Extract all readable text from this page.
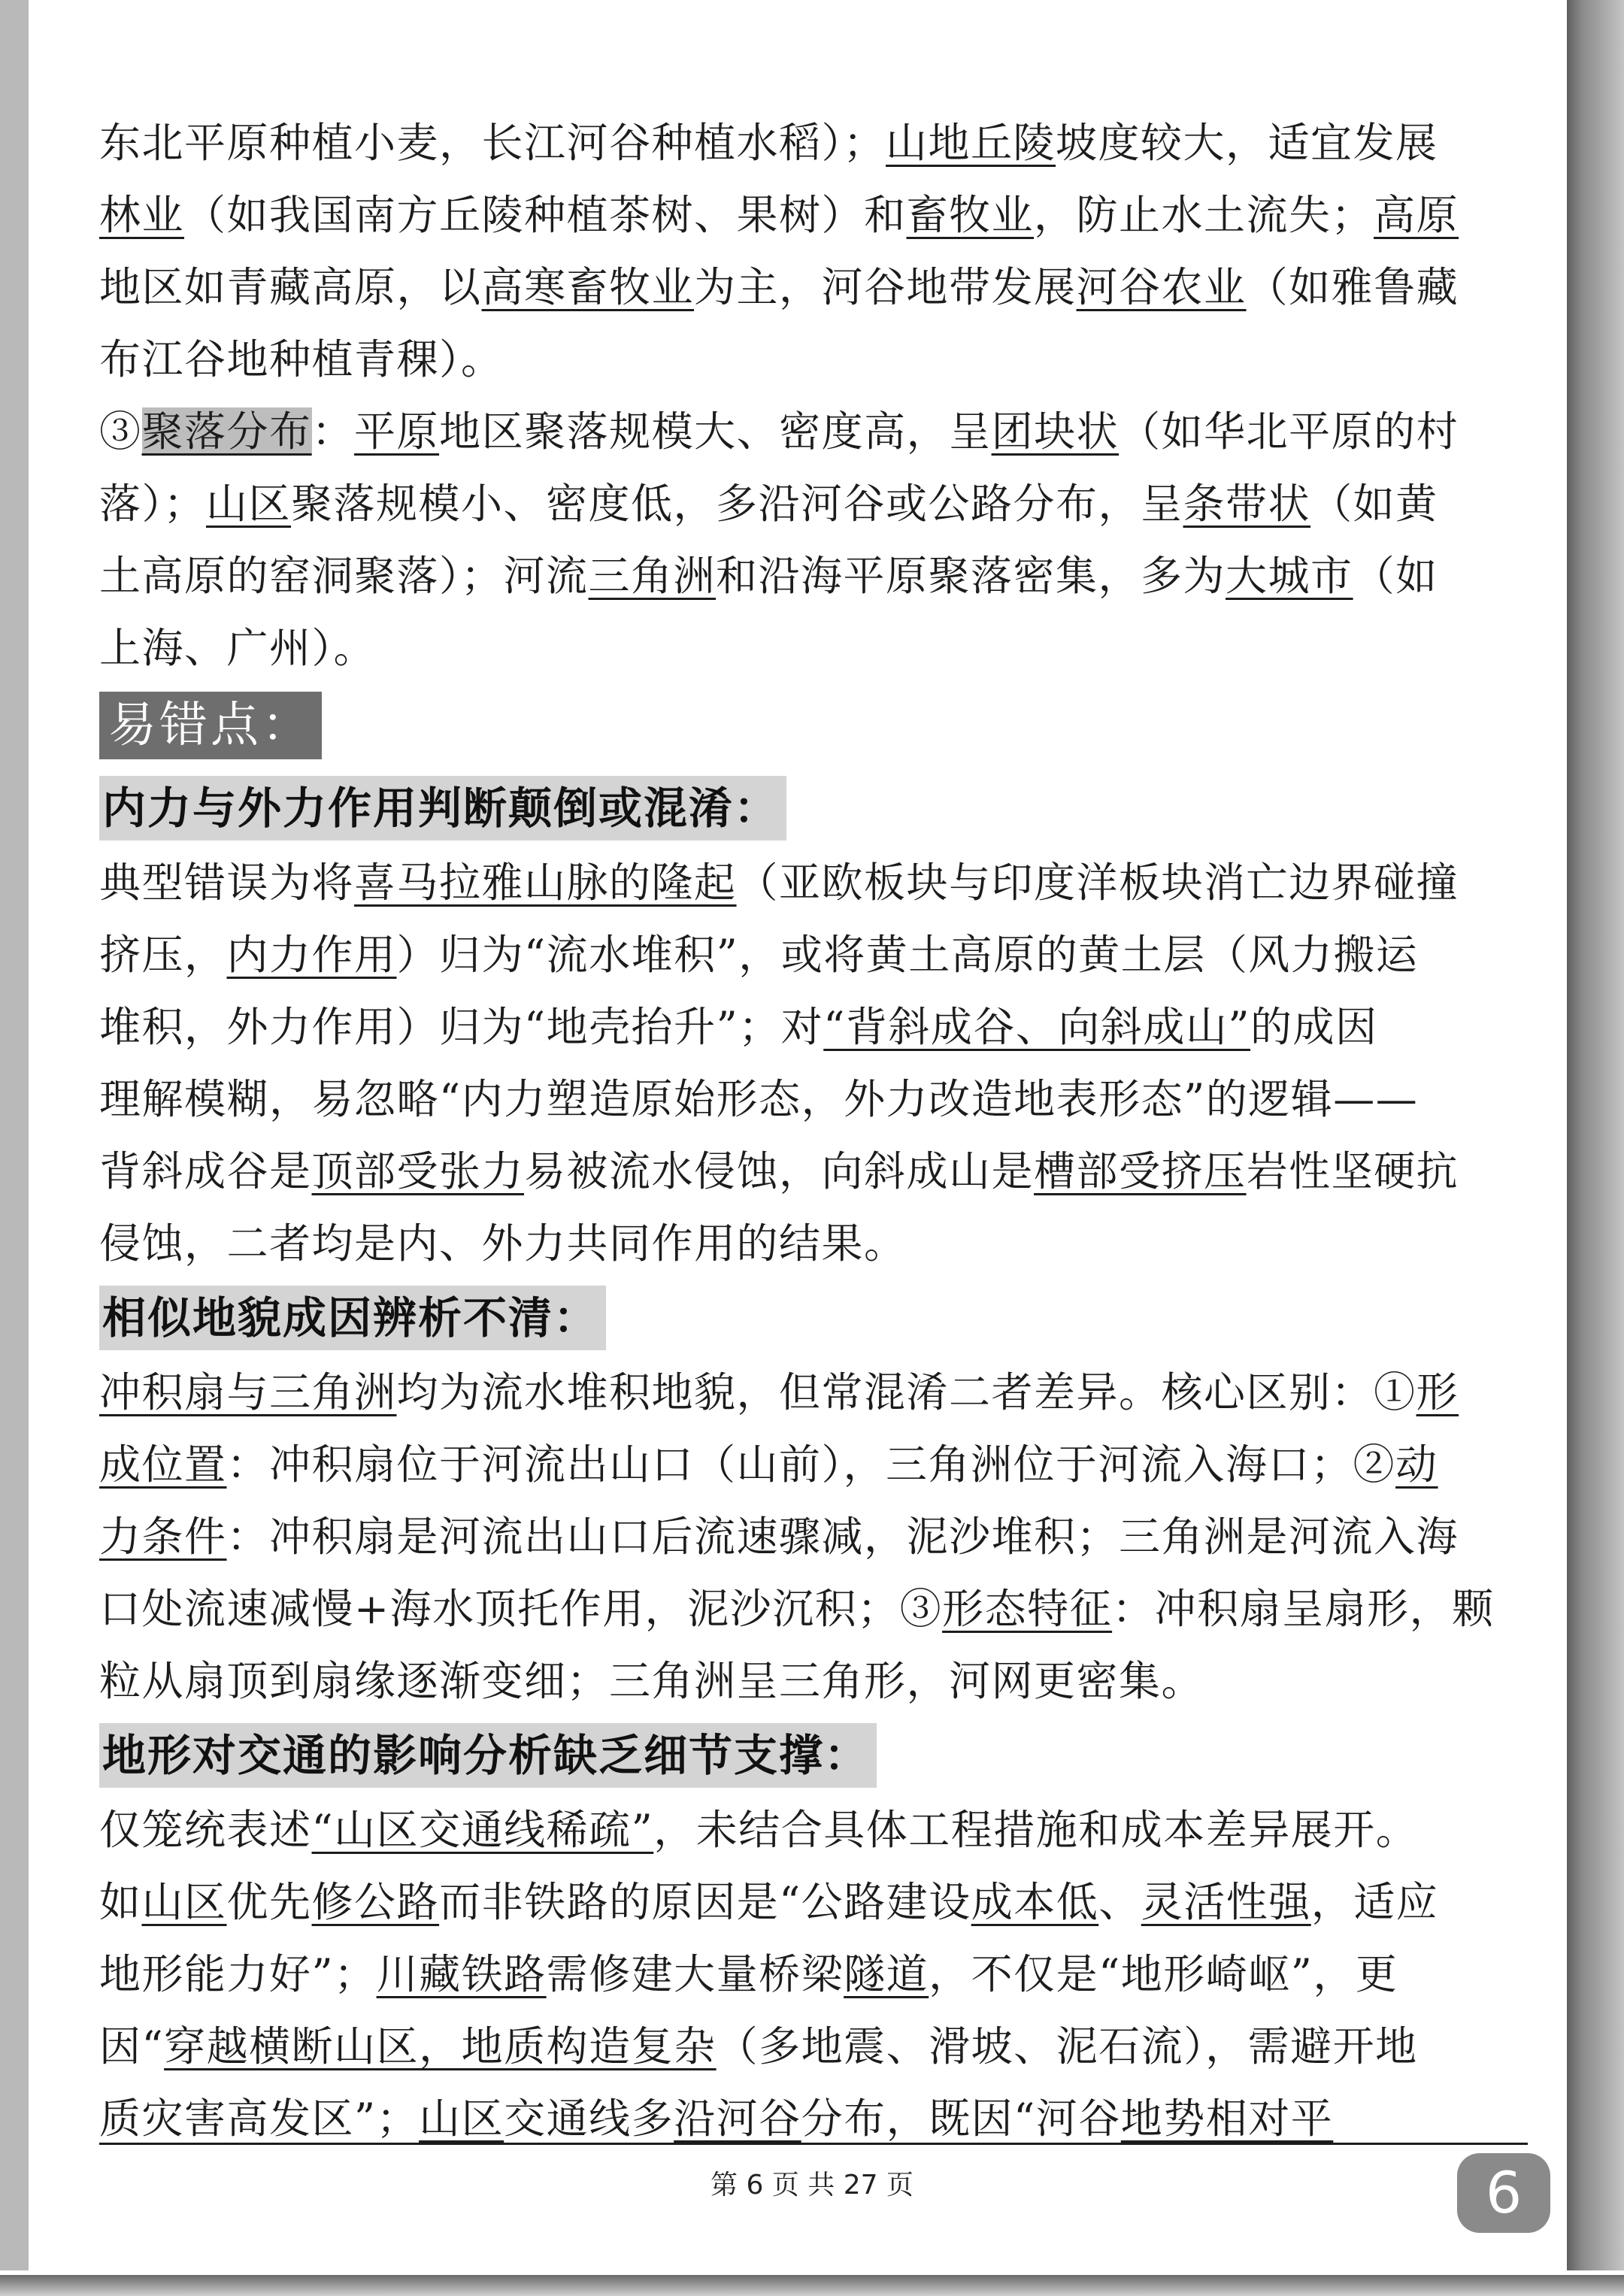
东北平原种植小麦，长江河谷种植水稻）；山地丘陵坡度较大，适宜发展

林业（如我国南方丘陵种植茶树、果树）和畜牧业，防止水土流失；高原

地区如青藏高原，以高寒畜牧业为主，河谷地带发展河谷农业（如雅鲁藏

布江谷地种植青稞）。

③聚落分布：平原地区聚落规模大、密度高，呈团块状（如华北平原的村

落）；山区聚落规模小、密度低，多沿河谷或公路分布，呈条带状（如黄

土高原的窑洞聚落）；河流三角洲和沿海平原聚落密集，多为大城市（如

上海、广州）。

易错点：
内力与外力作用判断颠倒或混淆：

典型错误为将喜马拉雅山脉的隆起（亚欧板块与印度洋板块消亡边界碰撞

挤压，内力作用）归为“流水堆积”，或将黄土高原的黄土层（风力搬运

堆积，外力作用）归为“地壳抬升”；对“背斜成谷、向斜成山”的成因

理解模糊，易忽略“内力塑造原始形态，外力改造地表形态”的逻辑——

背斜成谷是顶部受张力易被流水侵蚀，向斜成山是槽部受挤压岩性坚硬抗

侵蚀，二者均是内、外力共同作用的结果。

相似地貌成因辨析不清：

冲积扇与三角洲均为流水堆积地貌，但常混淆二者差异。核心区别：①形

成位置：冲积扇位于河流出山口（山前），三角洲位于河流入海口；②动

力条件：冲积扇是河流出山口后流速骤减，泥沙堆积；三角洲是河流入海

口处流速减慢+海水顶托作用，泥沙沉积；③形态特征：冲积扇呈扇形，颗

粒从扇顶到扇缘逐渐变细；三角洲呈三角形，河网更密集。

地形对交通的影响分析缺乏细节支撑：

仅笼统表述“山区交通线稀疏”，未结合具体工程措施和成本差异展开。

如山区优先修公路而非铁路的原因是“公路建设成本低、灵活性强，适应

地形能力好”；川藏铁路需修建大量桥梁隧道，不仅是“地形崎岖”，更

因“穿越横断山区，地质构造复杂（多地震、滑坡、泥石流），需避开地

质灾害高发区”；山区交通线多沿河谷分布，既因“河谷地势相对平

第 6 页 共 27 页	6
